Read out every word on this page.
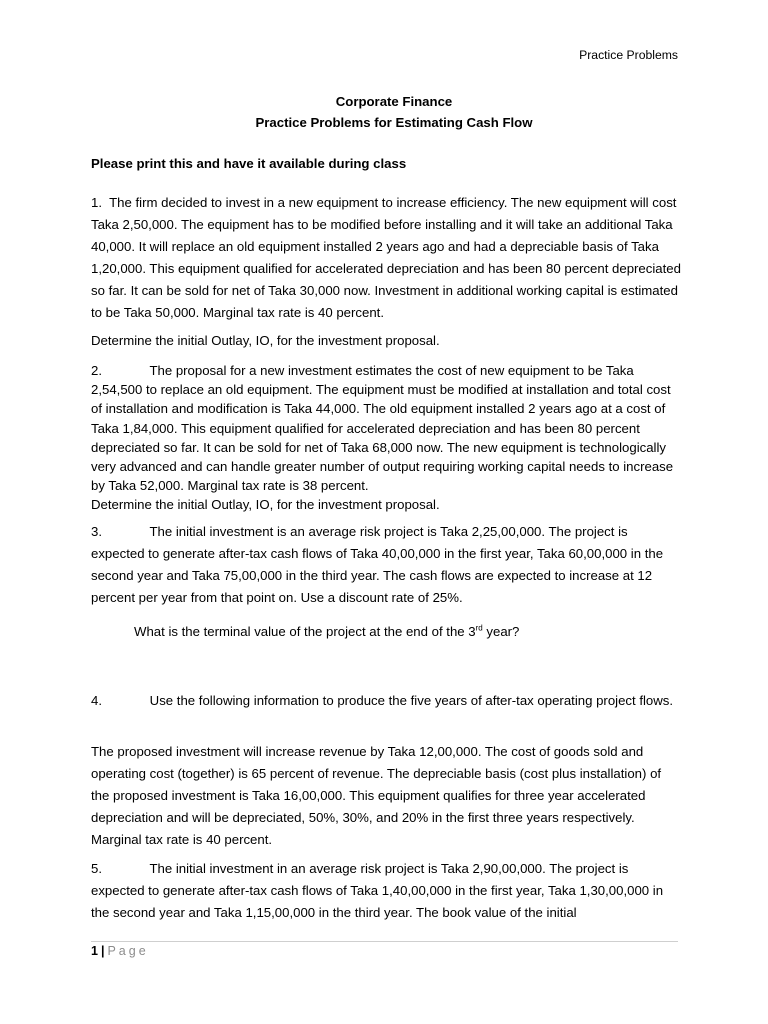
Practice Problems
Corporate Finance
Practice Problems for Estimating Cash Flow
Please print this and have it available during class

1. The firm decided to invest in a new equipment to increase efficiency. The new equipment will cost Taka 2,50,000. The equipment has to be modified before installing and it will take an additional Taka 40,000. It will replace an old equipment installed 2 years ago and had a depreciable basis of Taka 1,20,000. This equipment qualified for accelerated depreciation and has been 80 percent depreciated so far. It can be sold for net of Taka 30,000 now. Investment in additional working capital is estimated to be Taka 50,000. Marginal tax rate is 40 percent.

Determine the initial Outlay, IO, for the investment proposal.

2.	The proposal for a new investment estimates the cost of new equipment to be Taka 2,54,500 to replace an old equipment. The equipment must be modified at installation and total cost of installation and modification is Taka 44,000. The old equipment installed 2 years ago at a cost of Taka 1,84,000. This equipment qualified for accelerated depreciation and has been 80 percent depreciated so far. It can be sold for net of Taka 68,000 now. The new equipment is technologically very advanced and can handle greater number of output requiring working capital needs to increase by Taka 52,000. Marginal tax rate is 38 percent.
Determine the initial Outlay, IO, for the investment proposal.

3.	The initial investment is an average risk project is Taka 2,25,00,000. The project is expected to generate after-tax cash flows of Taka 40,00,000 in the first year, Taka 60,00,000 in the second year and Taka 75,00,000 in the third year. The cash flows are expected to increase at 12 percent per year from that point on. Use a discount rate of 25%.

What is the terminal value of the project at the end of the 3rd year?

4.	Use the following information to produce the five years of after-tax operating project flows.

The proposed investment will increase revenue by Taka 12,00,000. The cost of goods sold and operating cost (together) is 65 percent of revenue. The depreciable basis (cost plus installation) of the proposed investment is Taka 16,00,000. This equipment qualifies for three year accelerated depreciation and will be depreciated, 50%, 30%, and 20% in the first three years respectively. Marginal tax rate is 40 percent.

5.	The initial investment in an average risk project is Taka 2,90,00,000. The project is expected to generate after-tax cash flows of Taka 1,40,00,000 in the first year, Taka 1,30,00,000 in the second year and Taka 1,15,00,000 in the third year. The book value of the initial

1 | Page
